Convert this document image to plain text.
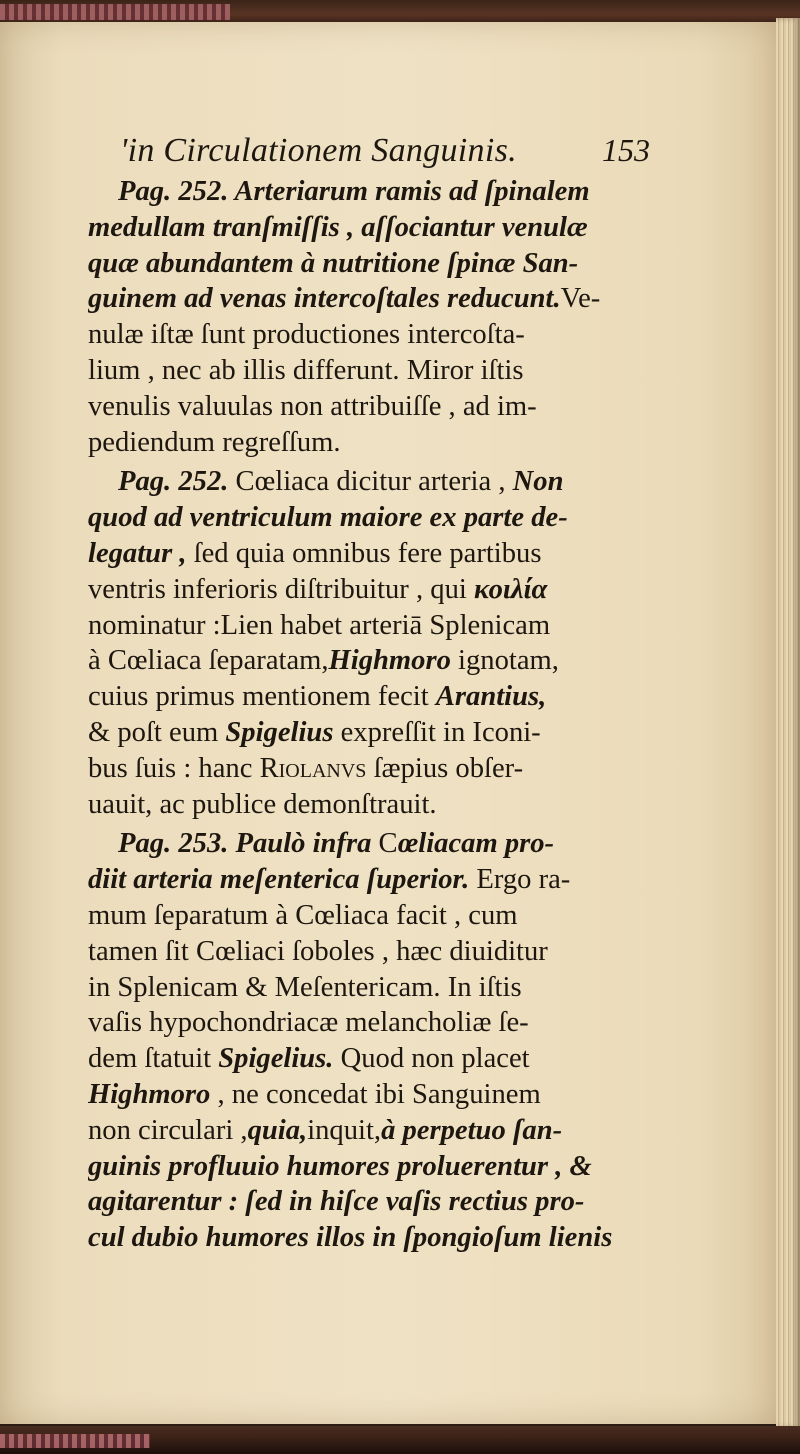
'in Circulationem Sanguinis.	153
Pag. 252. Arteriarum ramis ad ſpinalem
medullam tranſmiſſis , aſſociantur venulæ
quæ abundantem à nutritione ſpinæ San-
guinem ad venas intercoſtales reducunt.Ve-
nulæ iſtæ ſunt productiones intercoſta-
lium , nec ab illis differunt. Miror iſtis
venulis valuulas non attribuiſſe , ad im-
pediendum regreſſum.
Pag. 252. Cœliaca dicitur arteria , Non
quod ad ventriculum maiore ex parte de-
legatur , ſed quia omnibus fere partibus
ventris inferioris diſtribuitur , qui κοιλία
nominatur :Lien habet arteriā Splenicam
à Cœliaca ſeparatam,Highmoro ignotam,
cuius primus mentionem fecit Arantius,
& poſt eum Spigelius expreſſit in Iconi-
bus ſuis : hanc Riolanvs ſæpius obſer-
uauit, ac publice demonſtrauit.
Pag. 253. Paulò infra Cœliacam pro-
diit arteria meſenterica ſuperior. Ergo ra-
mum ſeparatum à Cœliaca facit , cum
tamen ſit Cœliaci ſoboles , hæc diuiditur
in Splenicam & Meſentericam. In iſtis
vaſis hypochondriacæ melancholiæ ſe-
dem ſtatuit Spigelius. Quod non placet
Highmoro , ne concedat ibi Sanguinem
non circulari ,quia,inquit,à perpetuo ſan-
guinis profluuio humores proluerentur , &
agitarentur : ſed in hiſce vaſis rectius pro-
cul dubio humores illos in ſpongioſum lienis
